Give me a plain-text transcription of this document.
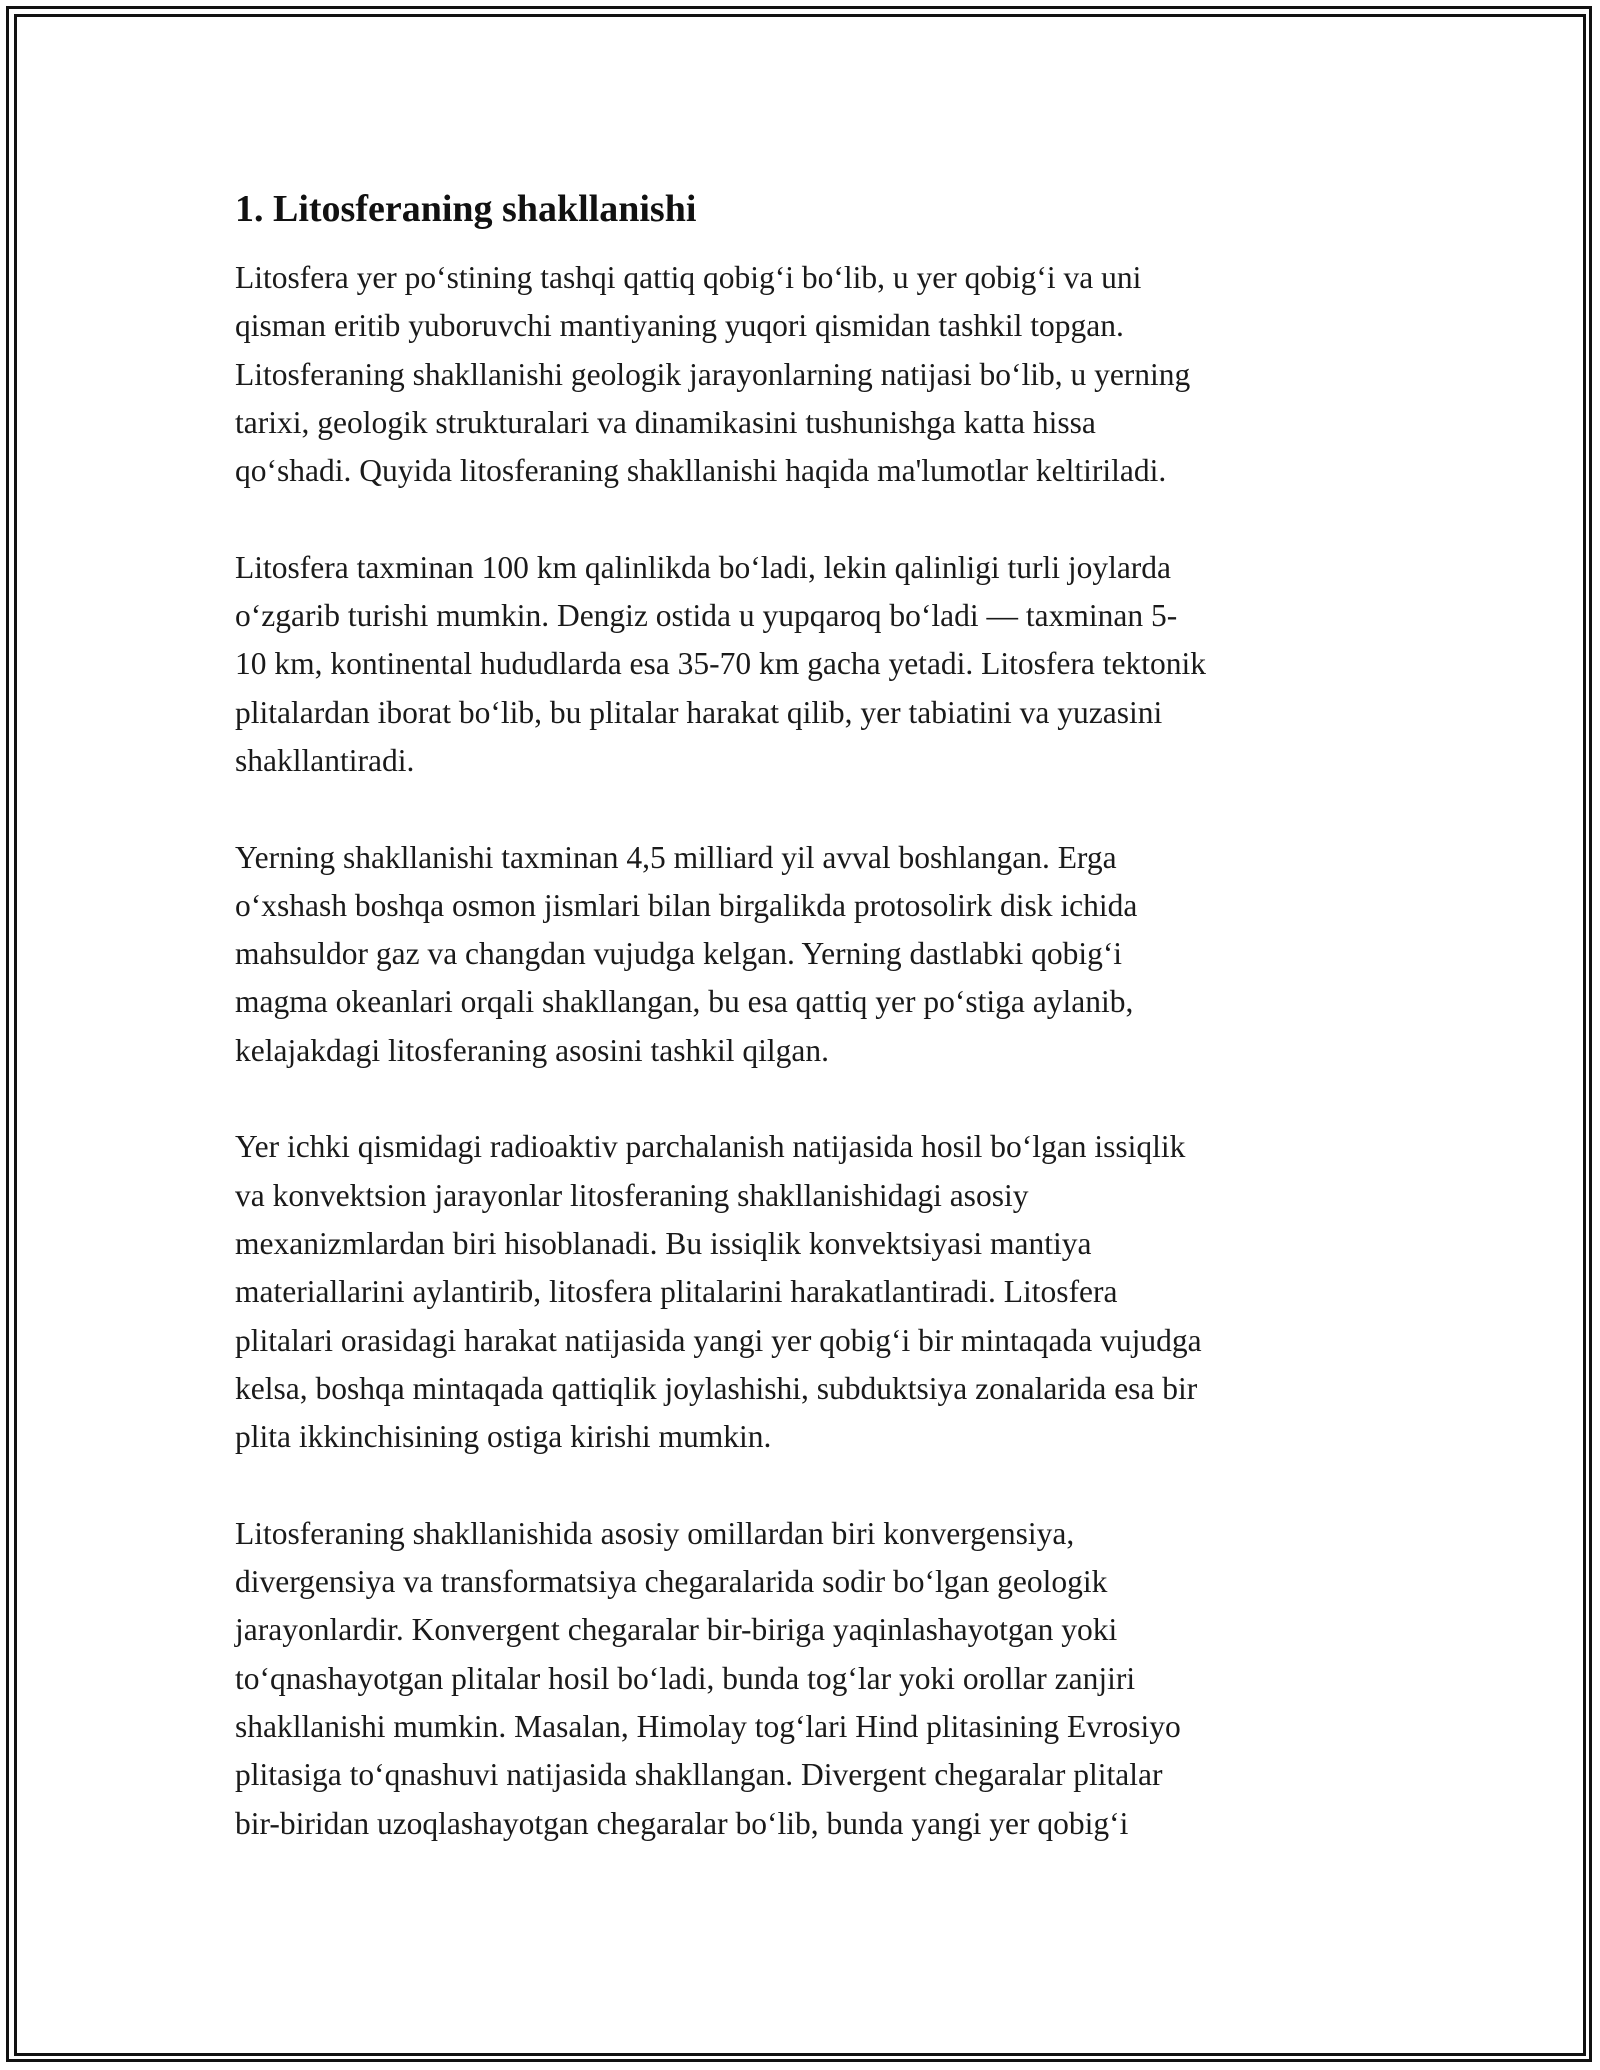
1. Litosferaning shakllanishi

Litosfera yer po‘stining tashqi qattiq qobig‘i bo‘lib, u yer qobig‘i va uni
qisman eritib yuboruvchi mantiyaning yuqori qismidan tashkil topgan.
Litosferaning shakllanishi geologik jarayonlarning natijasi bo‘lib, u yerning
tarixi, geologik strukturalari va dinamikasini tushunishga katta hissa
qo‘shadi. Quyida litosferaning shakllanishi haqida ma'lumotlar keltiriladi.

Litosfera taxminan 100 km qalinlikda bo‘ladi, lekin qalinligi turli joylarda
o‘zgarib turishi mumkin. Dengiz ostida u yupqaroq bo‘ladi — taxminan 5-
10 km, kontinental hududlarda esa 35-70 km gacha yetadi. Litosfera tektonik
plitalardan iborat bo‘lib, bu plitalar harakat qilib, yer tabiatini va yuzasini
shakllantiradi.

Yerning shakllanishi taxminan 4,5 milliard yil avval boshlangan. Erga
o‘xshash boshqa osmon jismlari bilan birgalikda protosolirk disk ichida
mahsuldor gaz va changdan vujudga kelgan. Yerning dastlabki qobig‘i
magma okeanlari orqali shakllangan, bu esa qattiq yer po‘stiga aylanib,
kelajakdagi litosferaning asosini tashkil qilgan.

Yer ichki qismidagi radioaktiv parchalanish natijasida hosil bo‘lgan issiqlik
va konvektsion jarayonlar litosferaning shakllanishidagi asosiy
mexanizmlardan biri hisoblanadi. Bu issiqlik konvektsiyasi mantiya
materiallarini aylantirib, litosfera plitalarini harakatlantiradi. Litosfera
plitalari orasidagi harakat natijasida yangi yer qobig‘i bir mintaqada vujudga
kelsa, boshqa mintaqada qattiqlik joylashishi, subduktsiya zonalarida esa bir
plita ikkinchisining ostiga kirishi mumkin.

Litosferaning shakllanishida asosiy omillardan biri konvergensiya,
divergensiya va transformatsiya chegaralarida sodir bo‘lgan geologik
jarayonlardir. Konvergent chegaralar bir-biriga yaqinlashayotgan yoki
to‘qnashayotgan plitalar hosil bo‘ladi, bunda tog‘lar yoki orollar zanjiri
shakllanishi mumkin. Masalan, Himolay tog‘lari Hind plitasining Evrosiyo
plitasiga to‘qnashuvi natijasida shakllangan. Divergent chegaralar plitalar
bir-biridan uzoqlashayotgan chegaralar bo‘lib, bunda yangi yer qobig‘i
